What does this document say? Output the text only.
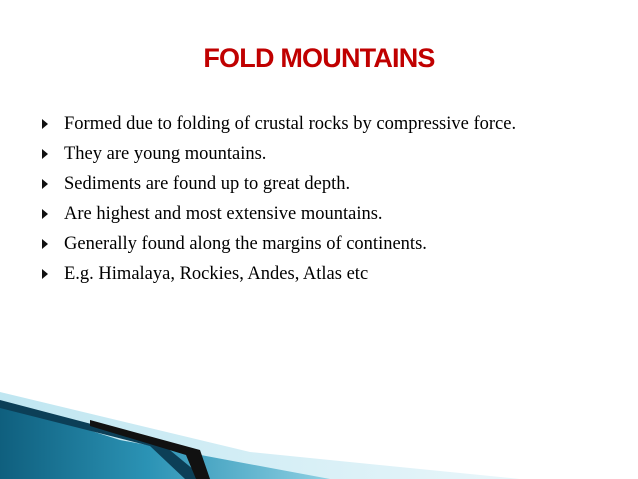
FOLD MOUNTAINS
Formed due to folding of crustal rocks by compressive force.
They are young mountains.
Sediments are found up to great depth.
Are highest and most extensive mountains.
Generally found along the margins of continents.
E.g. Himalaya, Rockies, Andes, Atlas etc
